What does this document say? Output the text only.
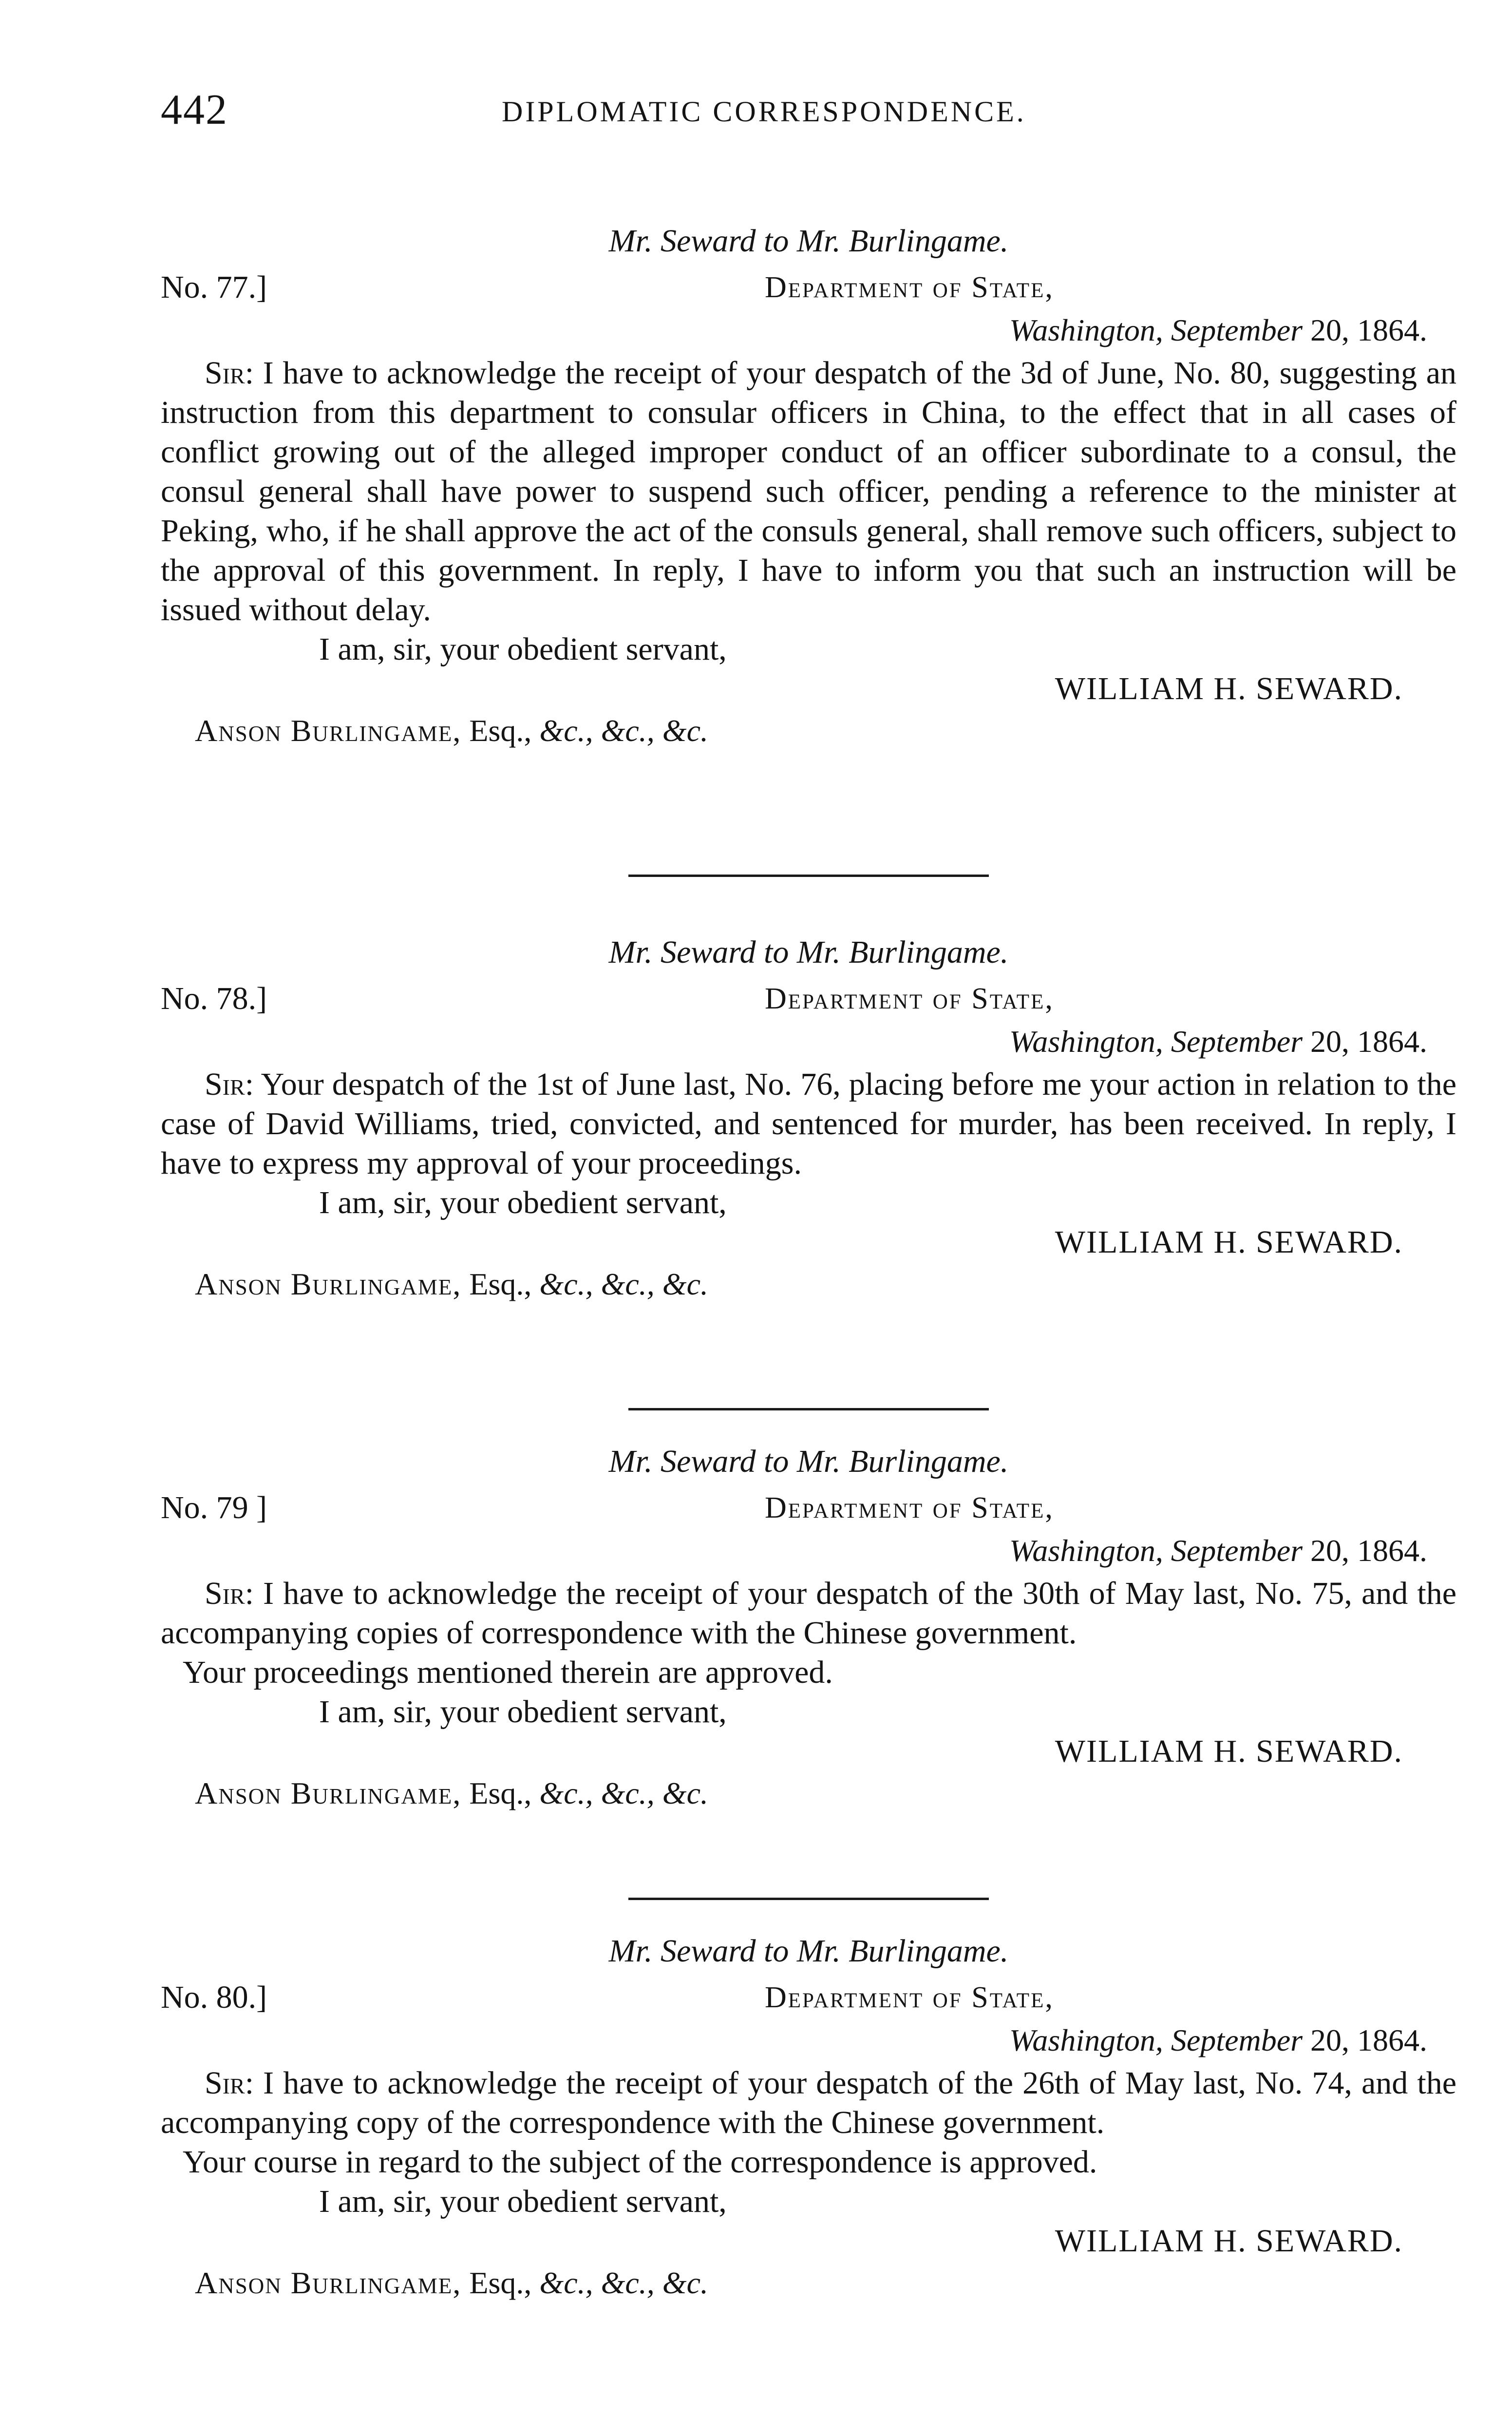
442	DIPLOMATIC CORRESPONDENCE.
Mr. Seward to Mr. Burlingame.
No. 77.]	Department of State,
Washington, September 20, 1864.

Sir: I have to acknowledge the receipt of your despatch of the 3d of June, No. 80, suggesting an instruction from this department to consular officers in China, to the effect that in all cases of conflict growing out of the alleged improper conduct of an officer subordinate to a consul, the consul general shall have power to suspend such officer, pending a reference to the minister at Peking, who, if he shall approve the act of the consuls general, shall remove such officers, subject to the approval of this government. In reply, I have to inform you that such an instruction will be issued without delay.

I am, sir, your obedient servant,

WILLIAM H. SEWARD.
Anson Burlingame, Esq., &c., &c., &c.
Mr. Seward to Mr. Burlingame.
No. 78.]	Department of State,
Washington, September 20, 1864.

Sir: Your despatch of the 1st of June last, No. 76, placing before me your action in relation to the case of David Williams, tried, convicted, and sentenced for murder, has been received. In reply, I have to express my approval of your proceedings.

I am, sir, your obedient servant,

WILLIAM H. SEWARD.
Anson Burlingame, Esq., &c., &c., &c.
Mr. Seward to Mr. Burlingame.
No. 79 ]	Department of State,
Washington, September 20, 1864.

Sir: I have to acknowledge the receipt of your despatch of the 30th of May last, No. 75, and the accompanying copies of correspondence with the Chinese government.

Your proceedings mentioned therein are approved.

I am, sir, your obedient servant,

WILLIAM H. SEWARD.
Anson Burlingame, Esq., &c., &c., &c.
Mr. Seward to Mr. Burlingame.
No. 80.]	Department of State,
Washington, September 20, 1864.

Sir: I have to acknowledge the receipt of your despatch of the 26th of May last, No. 74, and the accompanying copy of the correspondence with the Chinese government.

Your course in regard to the subject of the correspondence is approved.

I am, sir, your obedient servant,

WILLIAM H. SEWARD.
Anson Burlingame, Esq., &c., &c., &c.
